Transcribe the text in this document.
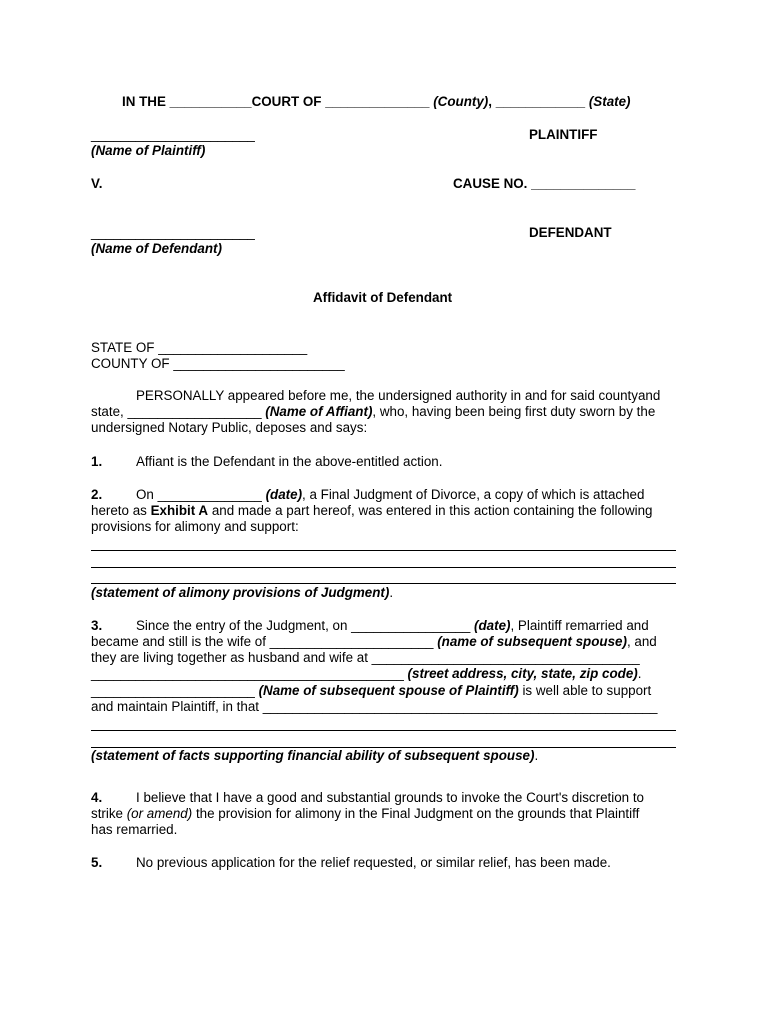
IN THE ___________COURT OF ______________ (County), ____________ (State)
______________________	PLAINTIFF
(Name of Plaintiff)
V.	CAUSE NO. ______________
______________________	DEFENDANT
(Name of Defendant)
Affidavit of Defendant
STATE OF ____________________
COUNTY OF _______________________
PERSONALLY appeared before me, the undersigned authority in and for said countyand
state, __________________ (Name of Affiant), who, having been being first duty sworn by the
undersigned Notary Public, deposes and says:
1.	Affiant is the Defendant in the above-entitled action.
2.	On ______________ (date), a Final Judgment of Divorce, a copy of which is attached
hereto as Exhibit A and made a part hereof, was entered in this action containing the following
provisions for alimony and support:
(statement of alimony provisions of Judgment).
3.	Since the entry of the Judgment, on ________________ (date), Plaintiff remarried and
became and still is the wife of ______________________ (name of subsequent spouse), and
they are living together as husband and wife at ____________________________________
__________________________________________ (street address, city, state, zip code).
______________________ (Name of subsequent spouse of Plaintiff) is well able to support
and maintain Plaintiff, in that _____________________________________________________
(statement of facts supporting financial ability of subsequent spouse).
4.	I believe that I have a good and substantial grounds to invoke the Court's discretion to
strike (or amend) the provision for alimony in the Final Judgment on the grounds that Plaintiff
has remarried.
5.	No previous application for the relief requested, or similar relief, has been made.
